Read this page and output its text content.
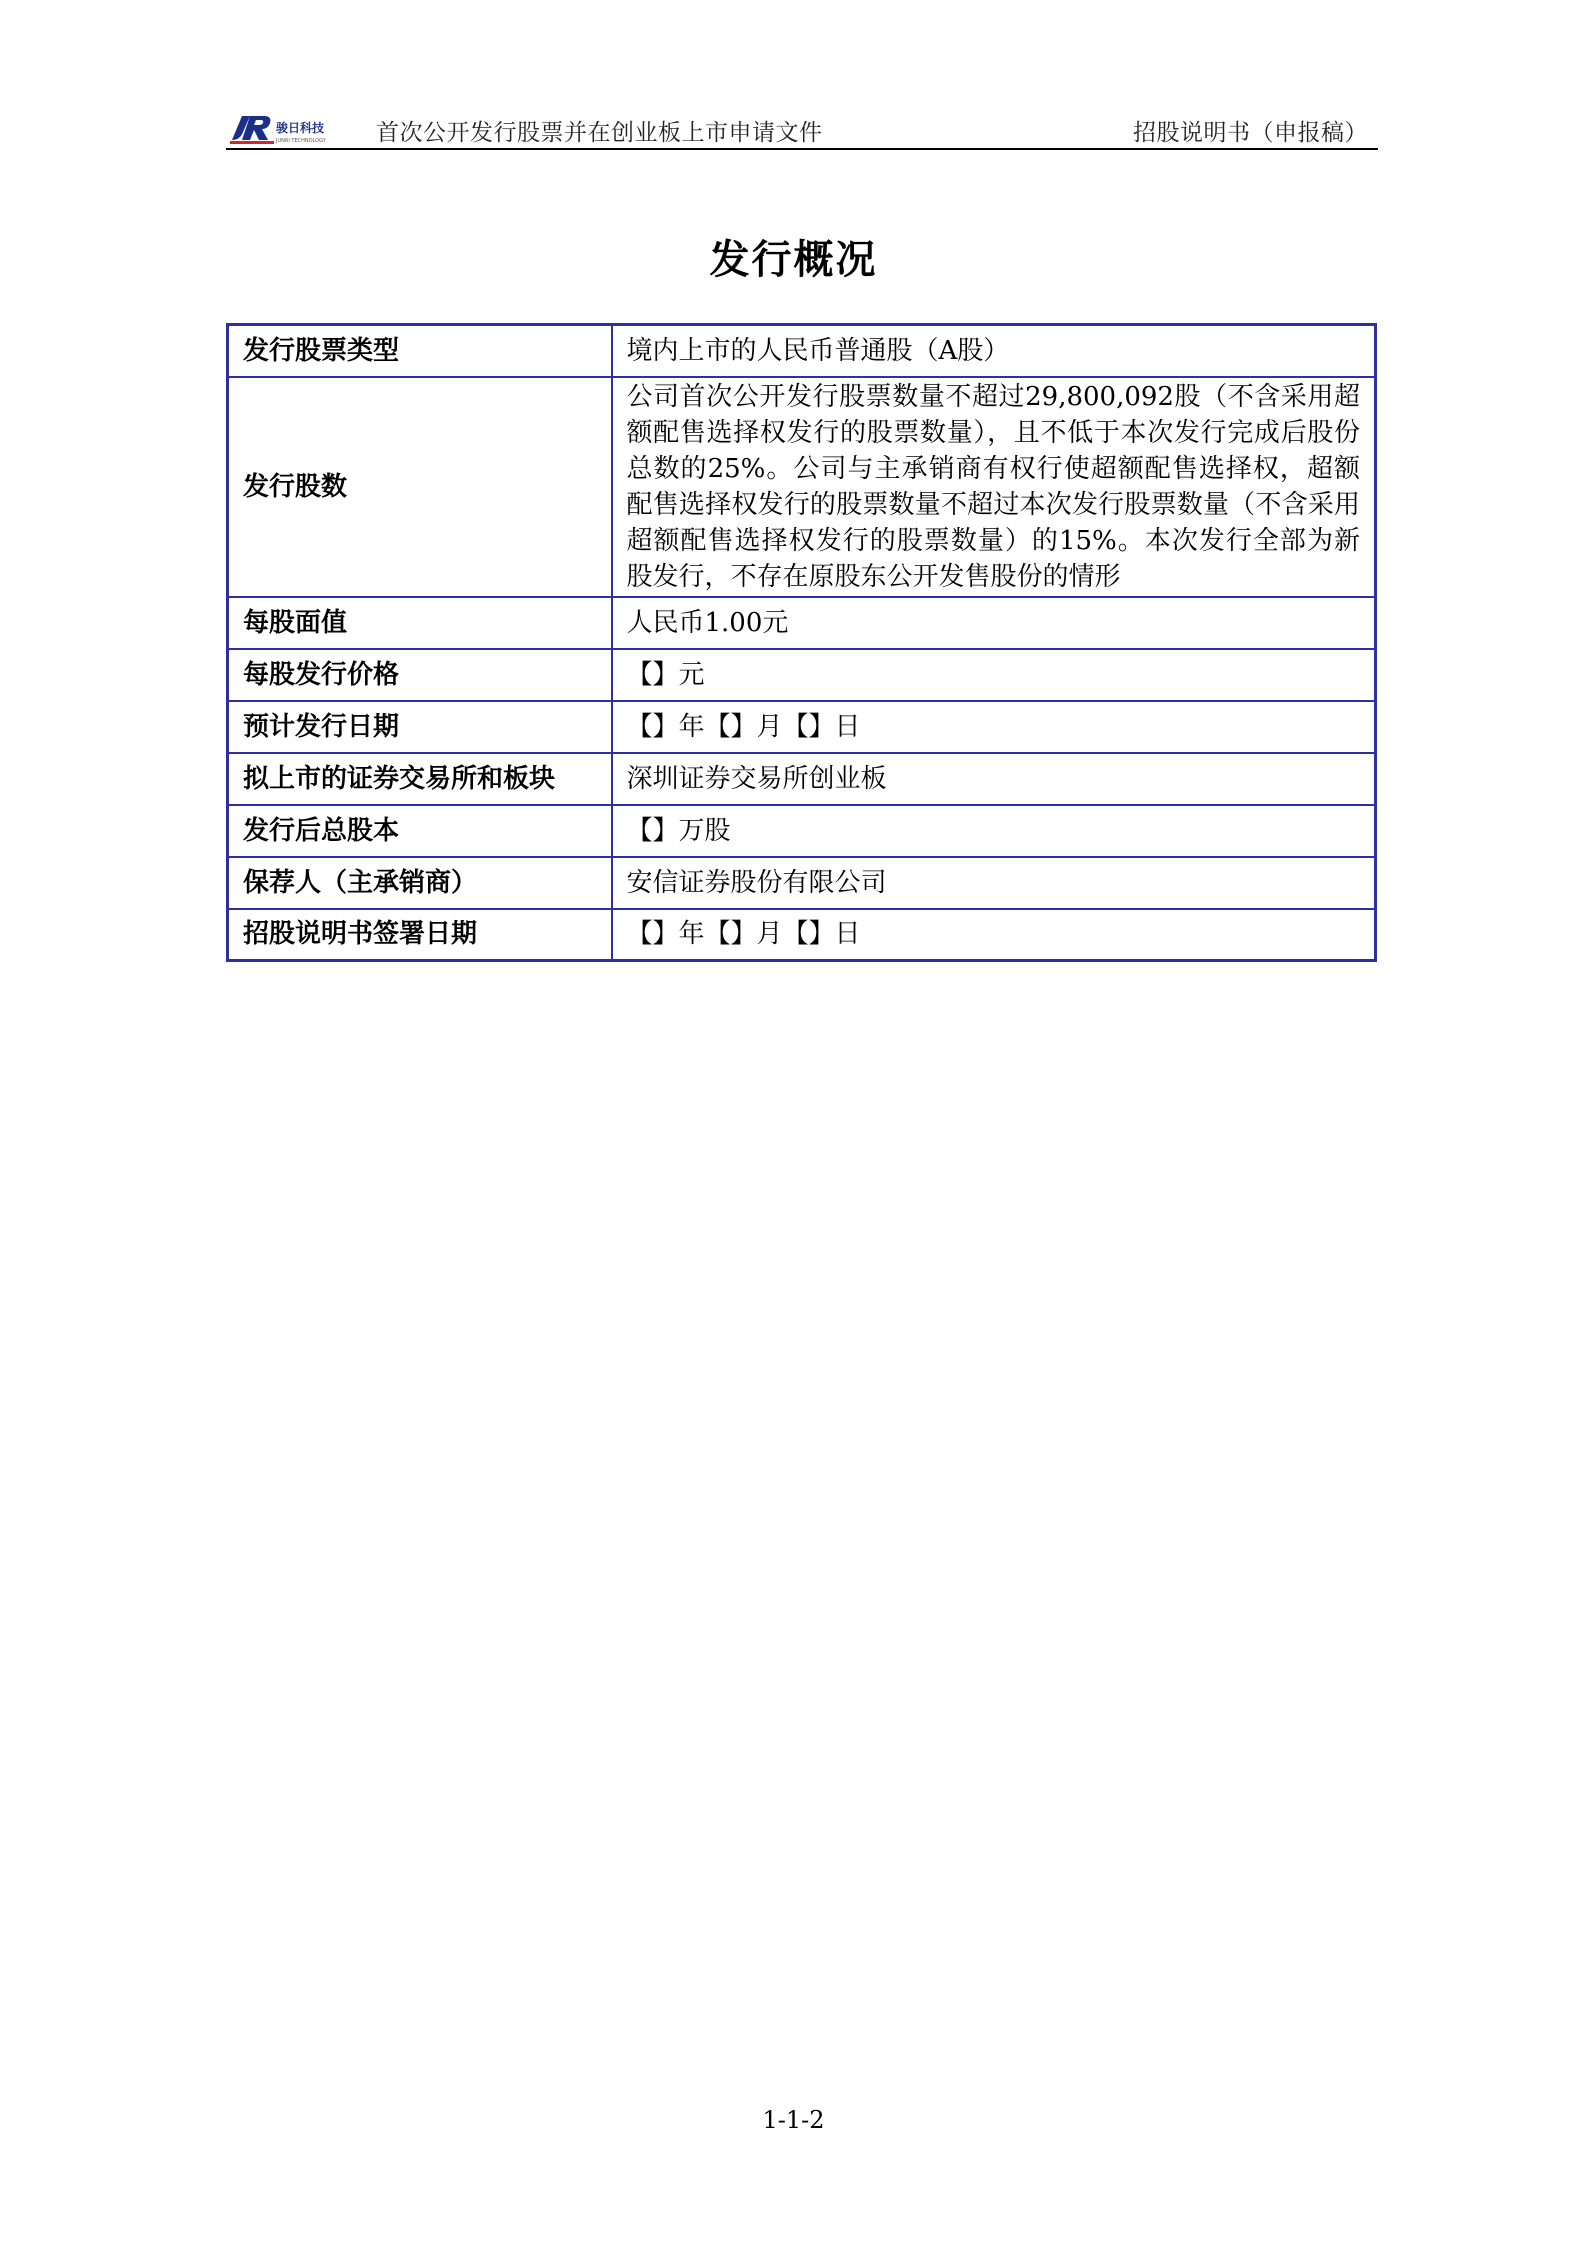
骏日科技
JUNRI TECHNOLOGY 首次公开发行股票并在创业板上市申请文件	招股说明书（申报稿）
发行概况
发行股票类型	境内上市的人民币普通股（A股）
发行股数	公司首次公开发行股票数量不超过29,800,092股（不含采用超额配售选择权发行的股票数量），且不低于本次发行完成后股份总数的25%。公司与主承销商有权行使超额配售选择权，超额配售选择权发行的股票数量不超过本次发行股票数量（不含采用超额配售选择权发行的股票数量）的15%。本次发行全部为新股发行，不存在原股东公开发售股份的情形
每股面值	人民币1.00元
每股发行价格	【】元
预计发行日期	【】年【】月【】日
拟上市的证券交易所和板块	深圳证券交易所创业板
发行后总股本	【】万股
保荐人（主承销商）	安信证券股份有限公司
招股说明书签署日期	【】年【】月【】日
1-1-2
